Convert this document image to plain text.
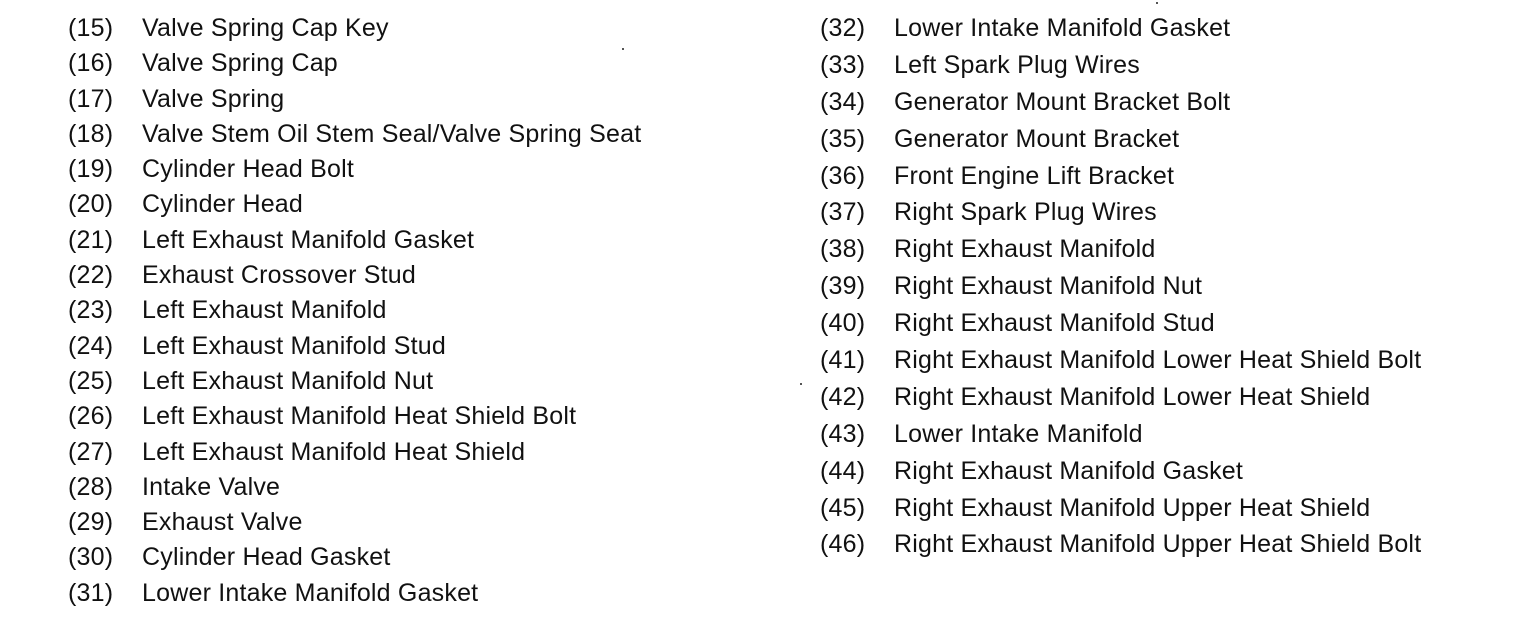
(15)	Valve Spring Cap Key
(16)	Valve Spring Cap
(17)	Valve Spring
(18)	Valve Stem Oil Stem Seal/Valve Spring Seat
(19)	Cylinder Head Bolt
(20)	Cylinder Head
(21)	Left Exhaust Manifold Gasket
(22)	Exhaust Crossover Stud
(23)	Left Exhaust Manifold
(24)	Left Exhaust Manifold Stud
(25)	Left Exhaust Manifold Nut
(26)	Left Exhaust Manifold Heat Shield Bolt
(27)	Left Exhaust Manifold Heat Shield
(28)	Intake Valve
(29)	Exhaust Valve
(30)	Cylinder Head Gasket
(31)	Lower Intake Manifold Gasket
(32)	Lower Intake Manifold Gasket
(33)	Left Spark Plug Wires
(34)	Generator Mount Bracket Bolt
(35)	Generator Mount Bracket
(36)	Front Engine Lift Bracket
(37)	Right Spark Plug Wires
(38)	Right Exhaust Manifold
(39)	Right Exhaust Manifold Nut
(40)	Right Exhaust Manifold Stud
(41)	Right Exhaust Manifold Lower Heat Shield Bolt
(42)	Right Exhaust Manifold Lower Heat Shield
(43)	Lower Intake Manifold
(44)	Right Exhaust Manifold Gasket
(45)	Right Exhaust Manifold Upper Heat Shield
(46)	Right Exhaust Manifold Upper Heat Shield Bolt
